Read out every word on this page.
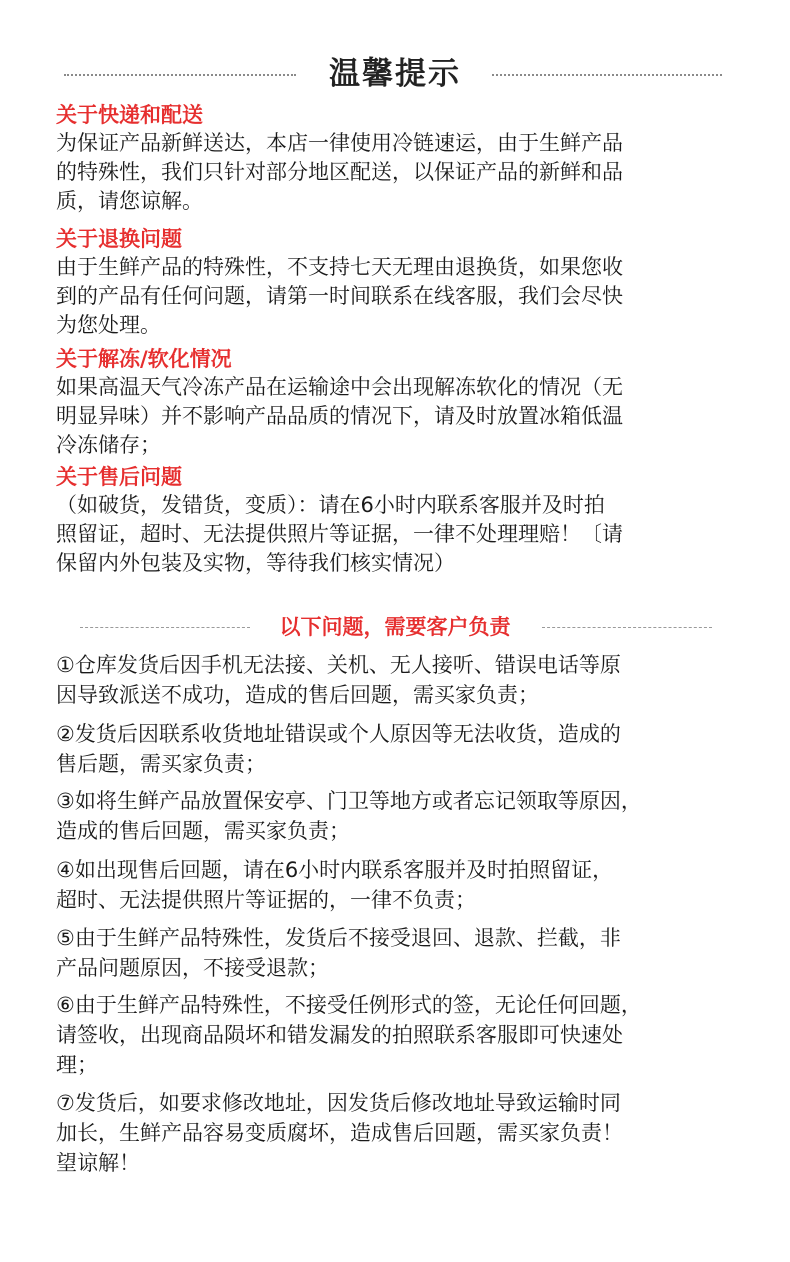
温馨提示
关于快递和配送
为保证产品新鲜送达，本店一律使用冷链速运，由于生鲜产品
的特殊性，我们只针对部分地区配送，以保证产品的新鲜和品
质，请您谅解。
关于退换问题
由于生鲜产品的特殊性，不支持七天无理由退换货，如果您收
到的产品有任何问题，请第一时间联系在线客服，我们会尽快
为您处理。
关于解冻/软化情况
如果高温天气冷冻产品在运输途中会出现解冻软化的情况（无
明显异味）并不影响产品品质的情况下，请及时放置冰箱低温
冷冻储存；
关于售后问题
（如破货，发错货，变质）：请在6小时内联系客服并及时拍
照留证，超时、无法提供照片等证据，一律不处理理赔！〔请
保留内外包装及实物，等待我们核实情况）
以下问题，需要客户负责
①仓库发货后因手机无法接、关机、无人接听、错误电话等原
因导致派送不成功，造成的售后回题，需买家负责；
②发货后因联系收货地址错误或个人原因等无法收货，造成的
售后题，需买家负责；
③如将生鲜产品放置保安亭、门卫等地方或者忘记领取等原因，
造成的售后回题，需买家负责；
④如出现售后回题，请在6小时内联系客服并及时拍照留证，
超时、无法提供照片等证据的，一律不负责；
⑤由于生鲜产品特殊性，发货后不接受退回、退款、拦截，非
产品问题原因，不接受退款；
⑥由于生鲜产品特殊性，不接受任例形式的签，无论任何回题，
请签收，出现商品陨坏和错发漏发的拍照联系客服即可快速处
理；
⑦发货后，如要求修改地址，因发货后修改地址导致运输时同
加长，生鲜产品容易变质腐坏，造成售后回题，需买家负责！
望谅解！
